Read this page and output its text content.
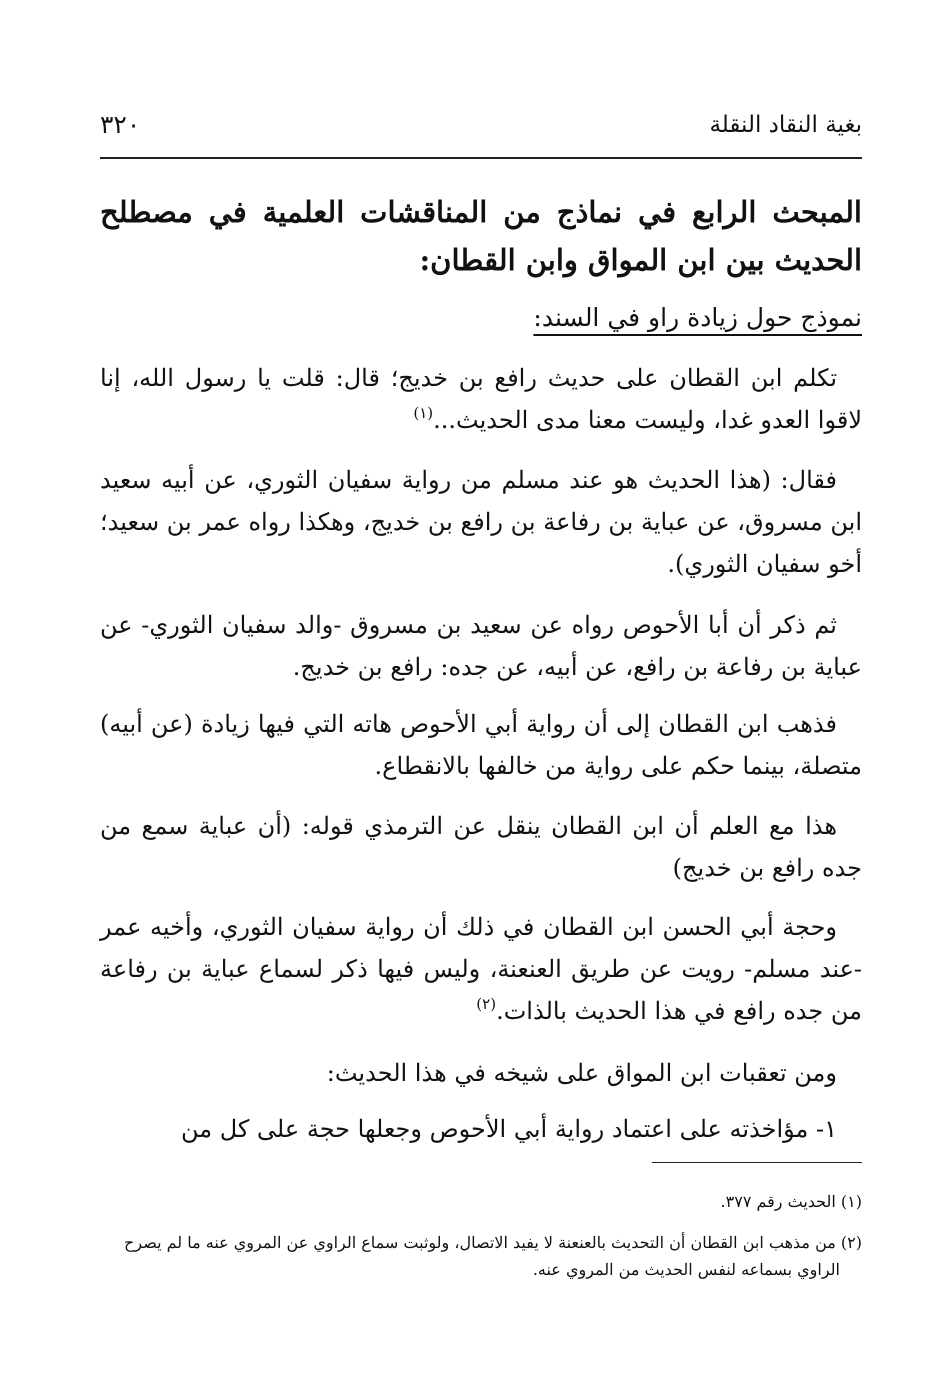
بغية النقاد النقلة
٣٢٠
المبحث الرابع في نماذج من المناقشات العلمية في مصطلح الحديث بين ابن المواق وابن القطان:
نموذج حول زيادة راو في السند:
تكلم ابن القطان على حديث رافع بن خديج؛ قال: قلت يا رسول الله، إنا لاقوا العدو غدا، وليست معنا مدى الحديث...$^{(١)}$
فقال: (هذا الحديث هو عند مسلم من رواية سفيان الثوري، عن أبيه سعيد ابن مسروق، عن عباية بن رفاعة بن رافع بن خديج، وهكذا رواه عمر بن سعيد؛ أخو سفيان الثوري).
ثم ذكر أن أبا الأحوص رواه عن سعيد بن مسروق -والد سفيان الثوري- عن عباية بن رفاعة بن رافع، عن أبيه، عن جده: رافع بن خديج.
فذهب ابن القطان إلى أن رواية أبي الأحوص هاته التي فيها زيادة (عن أبيه) متصلة، بينما حكم على رواية من خالفها بالانقطاع.
هذا مع العلم أن ابن القطان ينقل عن الترمذي قوله: (أن عباية سمع من جده رافع بن خديج)
وحجة أبي الحسن ابن القطان في ذلك أن رواية سفيان الثوري، وأخيه عمر -عند مسلم- رويت عن طريق العنعنة، وليس فيها ذكر لسماع عباية بن رفاعة من جده رافع في هذا الحديث بالذات.$^{(٢)}$
ومن تعقبات ابن المواق على شيخه في هذا الحديث:
١- مؤاخذته على اعتماد رواية أبي الأحوص وجعلها حجة على كل من
(١) الحديث رقم ٣٧٧.
(٢) من مذهب ابن القطان أن التحديث بالعنعنة لا يفيد الاتصال، ولوثبت سماع الراوي عن المروي عنه ما لم يصرح الراوي بسماعه لنفس الحديث من المروي عنه.
